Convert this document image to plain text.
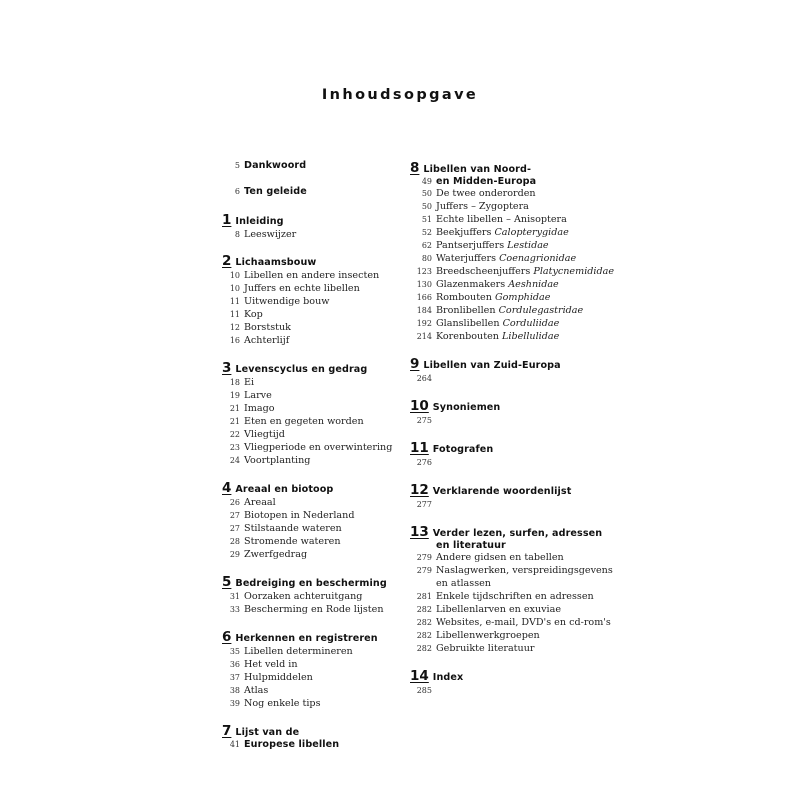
Inhoudsopgave
5 Dankwoord
6 Ten geleide
1 Inleiding
8 Leeswijzer
2 Lichaamsbouw
10 Libellen en andere insecten
10 Juffers en echte libellen
11 Uitwendige bouw
11 Kop
12 Borststuk
16 Achterlijf
3 Levenscyclus en gedrag
18 Ei
19 Larve
21 Imago
21 Eten en gegeten worden
22 Vliegtijd
23 Vliegperiode en overwintering
24 Voortplanting
4 Areaal en biotoop
26 Areaal
27 Biotopen in Nederland
27 Stilstaande wateren
28 Stromende wateren
29 Zwerfgedrag
5 Bedreiging en bescherming
31 Oorzaken achteruitgang
33 Bescherming en Rode lijsten
6 Herkennen en registreren
35 Libellen determineren
36 Het veld in
37 Hulpmiddelen
38 Atlas
39 Nog enkele tips
7 Lijst van de
41 Europese libellen
8 Libellen van Noord-
49 en Midden-Europa
50 De twee onderorden
50 Juffers – Zygoptera
51 Echte libellen – Anisoptera
52 Beekjuffers Calopterygidae
62 Pantserjuffers Lestidae
80 Waterjuffers Coenagrionidae
123 Breedscheenjuffers Platycnemididae
130 Glazenmakers Aeshnidae
166 Rombouten Gomphidae
184 Bronlibellen Cordulegastridae
192 Glanslibellen Corduliidae
214 Korenbouten Libellulidae
9 Libellen van Zuid-Europa
264
10 Synoniemen
275
11 Fotografen
276
12 Verklarende woordenlijst
277
13 Verder lezen, surfen, adressen
en literatuur
279 Andere gidsen en tabellen
279 Naslagwerken, verspreidingsgevens
en atlassen
281 Enkele tijdschriften en adressen
282 Libellenlarven en exuviae
282 Websites, e-mail, DVD's en cd-rom's
282 Libellenwerkgroepen
282 Gebruikte literatuur
14 Index
285
